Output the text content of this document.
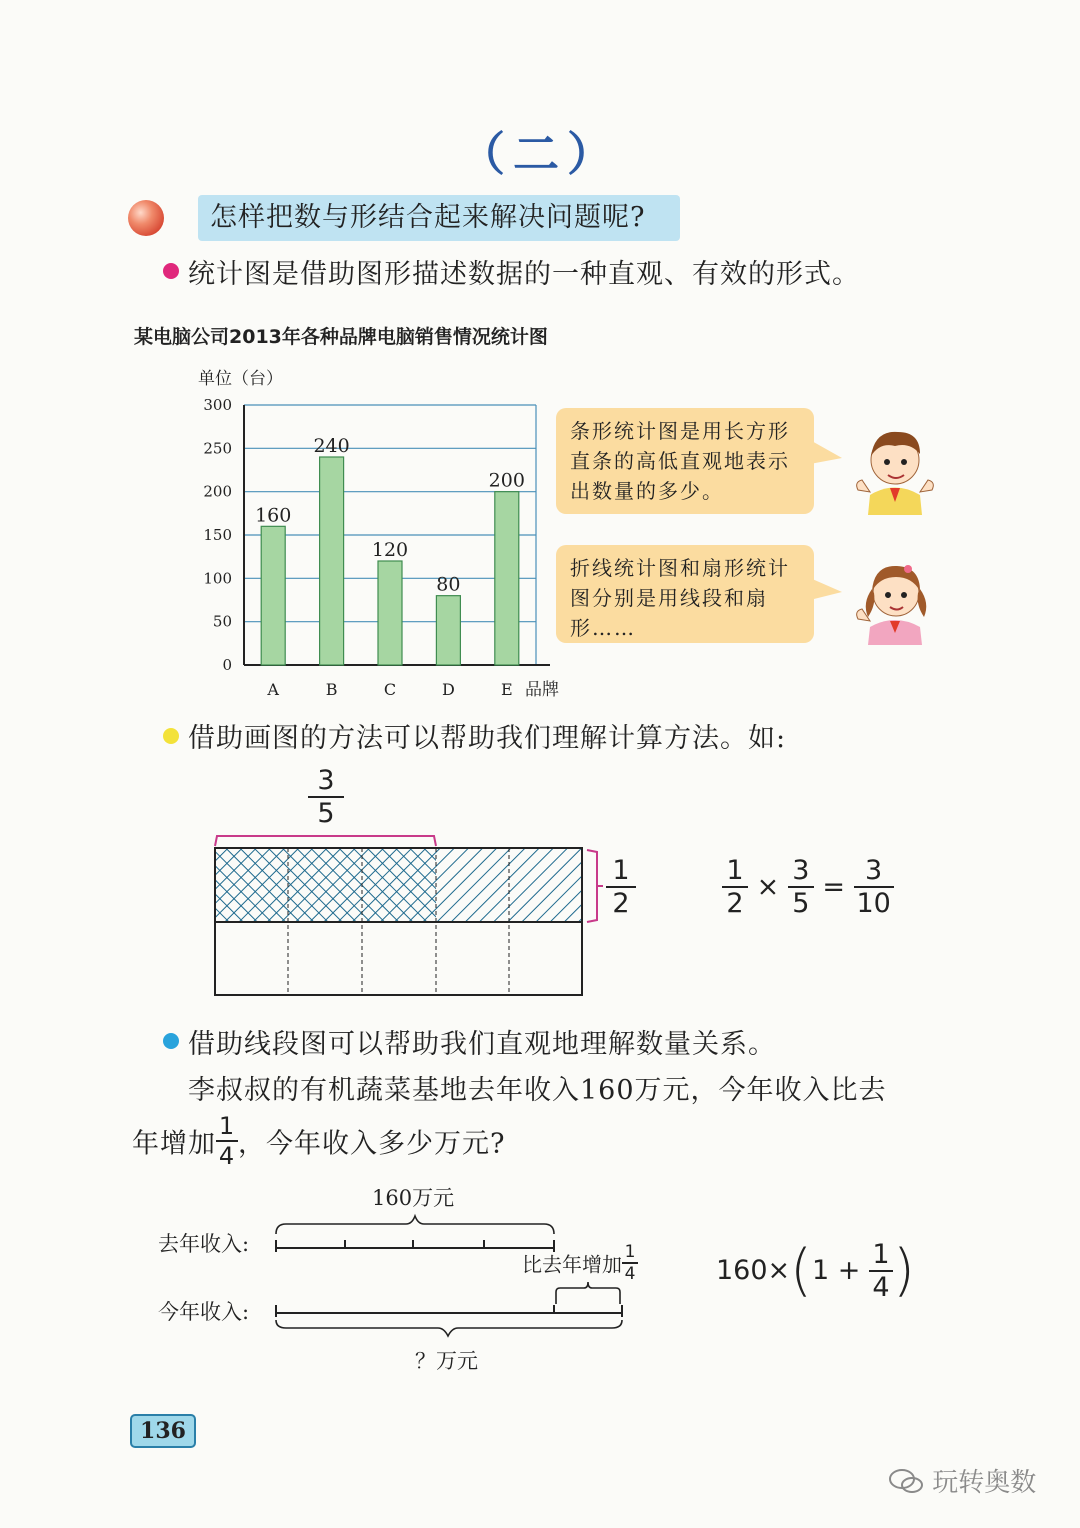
（二）
怎样把数与形结合起来解决问题呢?
统计图是借助图形描述数据的一种直观、有效的形式。
某电脑公司2013年各种品牌电脑销售情况统计图
单位（台）
0
50
100
150
200
250
300
160
240
120
80
200
A	B	C	D	E 品牌
条形统计图是用长方形直条的高低直观地表示出数量的多少。
折线统计图和扇形统计图分别是用线段和扇形……
借助画图的方法可以帮助我们理解计算方法。如:
$\frac{3}{5}$
$\frac{1}{2}$	$\frac{1}{2} \times \frac{3}{5} = \frac{3}{10}$
借助线段图可以帮助我们直观地理解数量关系。
李叔叔的有机蔬菜基地去年收入160万元，今年收入比去
年增加 $\frac{1}{4}$ ，今年收入多少万元?
160万元
去年收入:
今年收入:
比去年增加 $\frac{1}{4}$
？万元
$160\times(1 + \frac{1}{4}$ )
136
玩转奥数
